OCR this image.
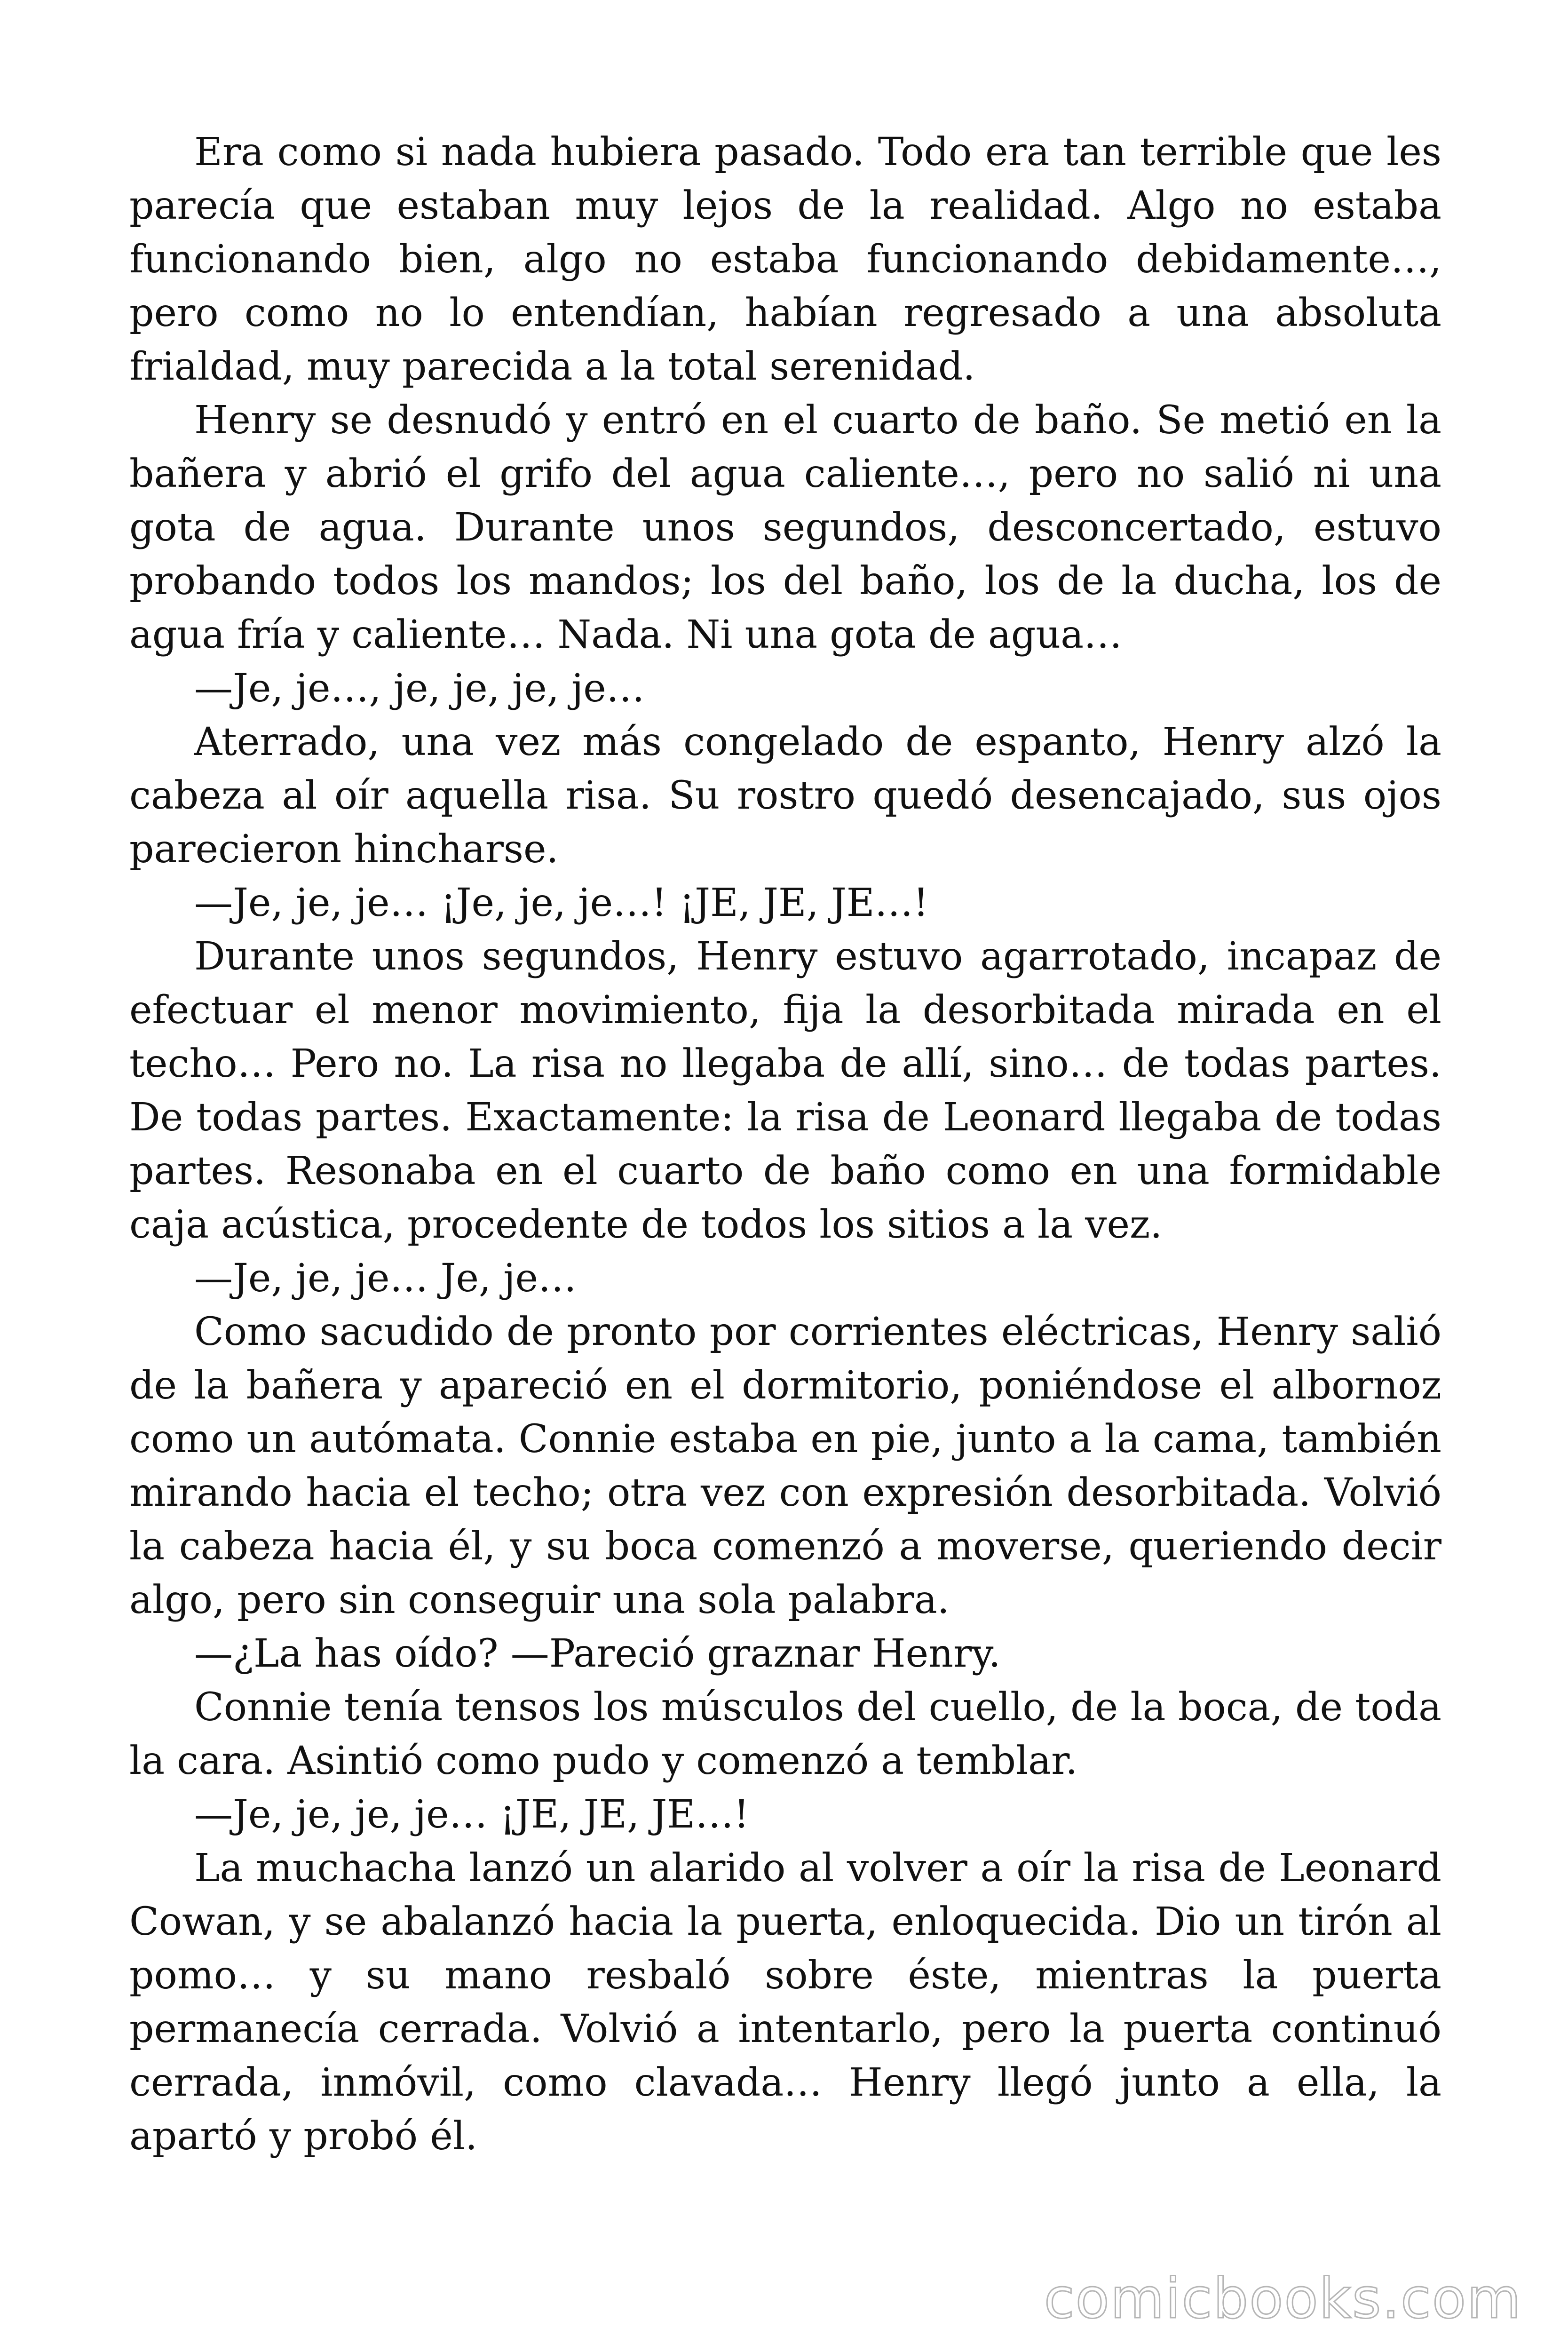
Era como si nada hubiera pasado. Todo era tan terrible que les parecía que estaban muy lejos de la realidad. Algo no estaba funcionando bien, algo no estaba funcionando debidamente…, pero como no lo entendían, habían regresado a una absoluta frialdad, muy parecida a la total serenidad.

Henry se desnudó y entró en el cuarto de baño. Se metió en la bañera y abrió el grifo del agua caliente…, pero no salió ni una gota de agua. Durante unos segundos, desconcertado, estuvo probando todos los mandos; los del baño, los de la ducha, los de agua fría y caliente… Nada. Ni una gota de agua…

—Je, je…, je, je, je, je…

Aterrado, una vez más congelado de espanto, Henry alzó la cabeza al oír aquella risa. Su rostro quedó desencajado, sus ojos parecieron hincharse.

—Je, je, je… ¡Je, je, je…! ¡JE, JE, JE…!

Durante unos segundos, Henry estuvo agarrotado, incapaz de efectuar el menor movimiento, fija la desorbitada mirada en el techo… Pero no. La risa no llegaba de allí, sino… de todas partes. De todas partes. Exactamente: la risa de Leonard llegaba de todas partes. Resonaba en el cuarto de baño como en una formidable caja acústica, procedente de todos los sitios a la vez.

—Je, je, je… Je, je…

Como sacudido de pronto por corrientes eléctricas, Henry salió de la bañera y apareció en el dormitorio, poniéndose el albornoz como un autómata. Connie estaba en pie, junto a la cama, también mirando hacia el techo; otra vez con expresión desorbitada. Volvió la cabeza hacia él, y su boca comenzó a moverse, queriendo decir algo, pero sin conseguir una sola palabra.

—¿La has oído? —Pareció graznar Henry.

Connie tenía tensos los músculos del cuello, de la boca, de toda la cara. Asintió como pudo y comenzó a temblar.

—Je, je, je, je… ¡JE, JE, JE…!

La muchacha lanzó un alarido al volver a oír la risa de Leonard Cowan, y se abalanzó hacia la puerta, enloquecida. Dio un tirón al pomo… y su mano resbaló sobre éste, mientras la puerta permanecía cerrada. Volvió a intentarlo, pero la puerta continuó cerrada, inmóvil, como clavada… Henry llegó junto a ella, la apartó y probó él.

comicbooks.com
